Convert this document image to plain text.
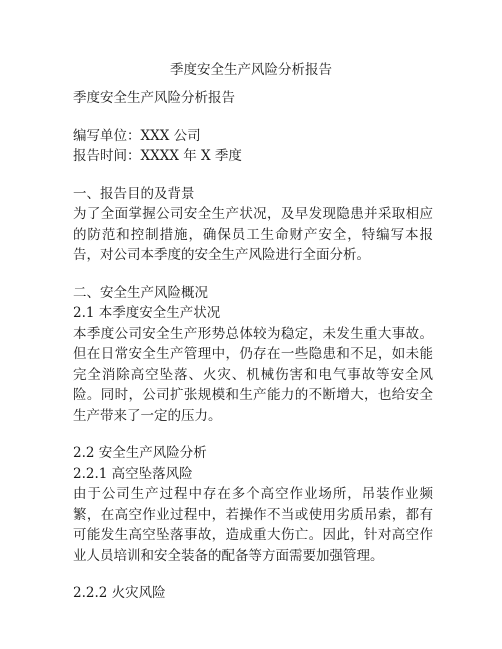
季度安全生产风险分析报告

季度安全生产风险分析报告

编写单位：XXX 公司

报告时间：XXXX 年 X 季度

一、报告目的及背景

为了全面掌握公司安全生产状况，及早发现隐患并采取相应的防范和控制措施，确保员工生命财产安全，特编写本报告，对公司本季度的安全生产风险进行全面分析。

二、安全生产风险概况

2.1 本季度安全生产状况

本季度公司安全生产形势总体较为稳定，未发生重大事故。但在日常安全生产管理中，仍存在一些隐患和不足，如未能完全消除高空坠落、火灾、机械伤害和电气事故等安全风险。同时，公司扩张规模和生产能力的不断增大，也给安全生产带来了一定的压力。

2.2 安全生产风险分析

2.2.1 高空坠落风险

由于公司生产过程中存在多个高空作业场所，吊装作业频繁，在高空作业过程中，若操作不当或使用劣质吊索，都有可能发生高空坠落事故，造成重大伤亡。因此，针对高空作业人员培训和安全装备的配备等方面需要加强管理。

2.2.2 火灾风险
